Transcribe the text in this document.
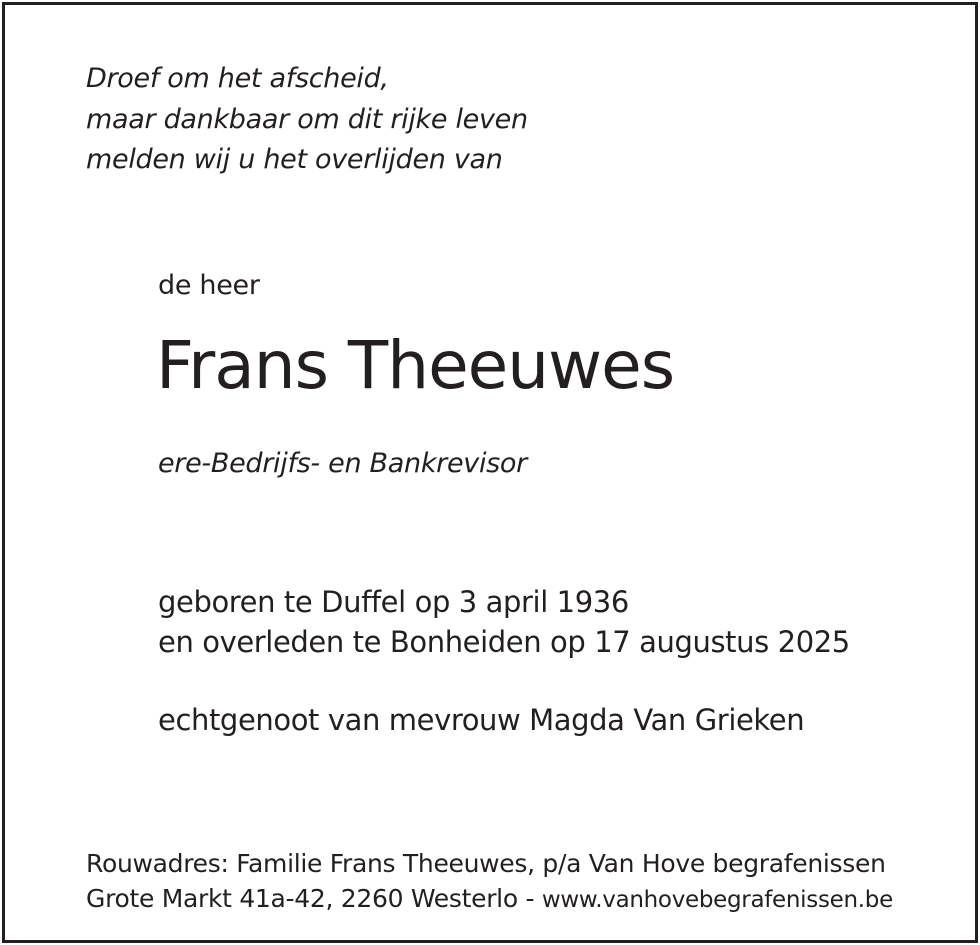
Droef om het afscheid,
maar dankbaar om dit rijke leven
melden wij u het overlijden van
de heer
Frans Theeuwes
ere-Bedrijfs- en Bankrevisor
geboren te Duffel op 3 april 1936
en overleden te Bonheiden op 17 augustus 2025
echtgenoot van mevrouw Magda Van Grieken
Rouwadres: Familie Frans Theeuwes, p/a Van Hove begrafenissen
Grote Markt 41a-42, 2260 Westerlo - www.vanhovebegrafenissen.be
